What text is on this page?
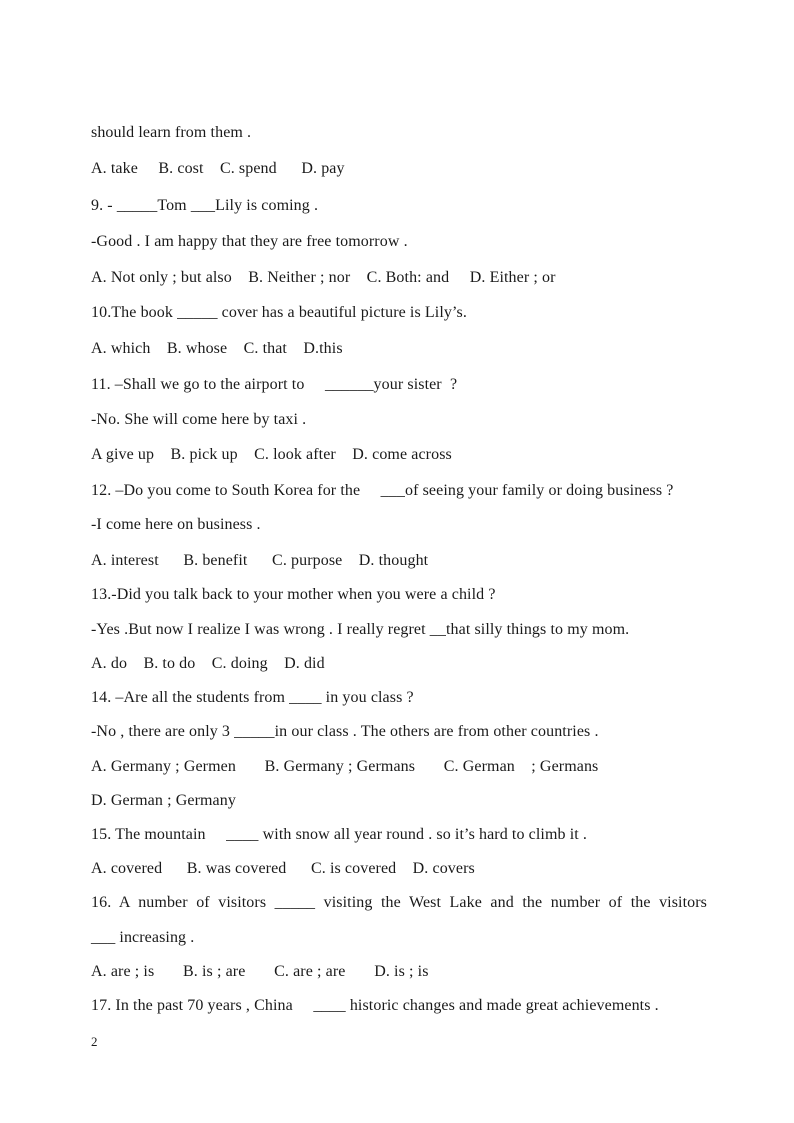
should learn from them .
A. take     B. cost    C. spend      D. pay
9. - _____Tom ___Lily is coming .
-Good . I am happy that they are free tomorrow .
A. Not only ; but also    B. Neither ; nor    C. Both: and     D. Either ; or
10.The book _____ cover has a beautiful picture is Lily’s.
A. which    B. whose    C. that    D.this
11. –Shall we go to the airport to     ______your sister  ?
-No. She will come here by taxi .
A give up    B. pick up    C. look after    D. come across
12. –Do you come to South Korea for the     ___of seeing your family or doing business ?
-I come here on business .
A. interest      B. benefit      C. purpose    D. thought
13.-Did you talk back to your mother when you were a child ?
-Yes .But now I realize I was wrong . I really regret __that silly things to my mom.
A. do    B. to do    C. doing    D. did
14. –Are all the students from ____ in you class ?
-No , there are only 3 _____in our class . The others are from other countries .
A. Germany ; Germen       B. Germany ; Germans       C. German    ; Germans
D. German ; Germany
15. The mountain     ____ with snow all year round . so it’s hard to climb it .
A. covered      B. was covered      C. is covered    D. covers
16. A number of visitors _____ visiting the West Lake and the number of the visitors
___ increasing .
A. are ; is       B. is ; are       C. are ; are       D. is ; is
17. In the past 70 years , China     ____ historic changes and made great achievements .
2
